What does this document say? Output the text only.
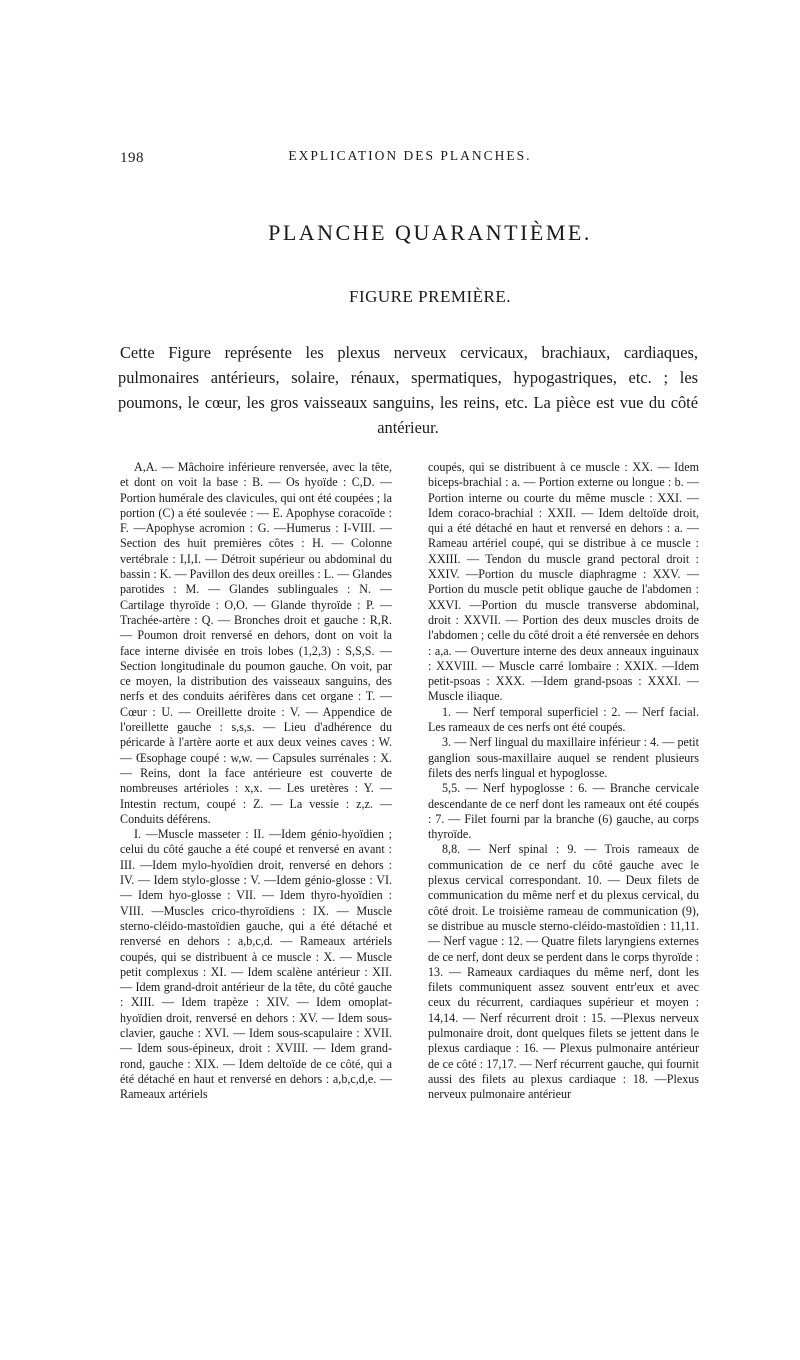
198	EXPLICATION DES PLANCHES.
PLANCHE QUARANTIÈME.
FIGURE PREMIÈRE.
Cette Figure représente les plexus nerveux cervicaux, brachiaux, cardiaques, pulmonaires antérieurs, solaire, rénaux, spermatiques, hypogastriques, etc. ; les poumons, le cœur, les gros vaisseaux sanguins, les reins, etc. La pièce est vue du côté antérieur.

A,A. — Mâchoire inférieure renversée, avec la tête, et dont on voit la base : B. — Os hyoïde : C,D. —Portion humérale des clavicules, qui ont été coupées ; la portion (C) a été soulevée : — E. Apophyse coracoïde : F. —Apophyse acromion : G. —Humerus : I-VIII. — Section des huit premières côtes : H. — Colonne vertébrale : I,I,I. — Détroit supérieur ou abdominal du bassin : K. — Pavillon des deux oreilles : L. — Glandes parotides : M. — Glandes sublinguales : N. — Cartilage thyroïde : O,O. — Glande thyroïde : P. — Trachée-artère : Q. — Bronches droit et gauche : R,R. — Poumon droit renversé en dehors, dont on voit la face interne divisée en trois lobes (1,2,3) : S,S,S. —Section longitudinale du poumon gauche. On voit, par ce moyen, la distribution des vaisseaux sanguins, des nerfs et des conduits aérifères dans cet organe : T. —Cœur : U. — Oreillette droite : V. — Appendice de l'oreillette gauche : s,s,s. — Lieu d'adhérence du péricarde à l'artère aorte et aux deux veines caves : W. — Œsophage coupé : w,w. — Capsules surrénales : X. — Reins, dont la face antérieure est couverte de nombreuses artérioles : x,x. — Les uretères : Y. — Intestin rectum, coupé : Z. — La vessie : z,z. — Conduits déférens.

I. —Muscle masseter : II. —Idem génio-hyoïdien ; celui du côté gauche a été coupé et renversé en avant : III. —Idem mylo-hyoïdien droit, renversé en dehors : IV. — Idem stylo-glosse : V. —Idem génio-glosse : VI. — Idem hyo-glosse : VII. — Idem thyro-hyoïdien : VIII. —Muscles crico-thyroïdiens : IX. — Muscle sterno-cléido-mastoïdien gauche, qui a été détaché et renversé en dehors : a,b,c,d. — Rameaux artériels coupés, qui se distribuent à ce muscle : X. — Muscle petit complexus : XI. — Idem scalène antérieur : XII. — Idem grand-droit antérieur de la tête, du côté gauche : XIII. — Idem trapèze : XIV. — Idem omoplat-hyoïdien droit, renversé en dehors : XV. — Idem sous-clavier, gauche : XVI. — Idem sous-scapulaire : XVII. — Idem sous-épineux, droit : XVIII. — Idem grand-rond, gauche : XIX. — Idem deltoïde de ce côté, qui a été détaché en haut et renversé en dehors : a,b,c,d,e. —Rameaux artériels

coupés, qui se distribuent à ce muscle : XX. — Idem biceps-brachial : a. — Portion externe ou longue : b. — Portion interne ou courte du même muscle : XXI. — Idem coraco-brachial : XXII. — Idem deltoïde droit, qui a été détaché en haut et renversé en dehors : a. — Rameau artériel coupé, qui se distribue à ce muscle : XXIII. — Tendon du muscle grand pectoral droit : XXIV. —Portion du muscle diaphragme : XXV. — Portion du muscle petit oblique gauche de l'abdomen : XXVI. —Portion du muscle transverse abdominal, droit : XXVII. — Portion des deux muscles droits de l'abdomen ; celle du côté droit a été renversée en dehors : a,a. — Ouverture interne des deux anneaux inguinaux : XXVIII. — Muscle carré lombaire : XXIX. —Idem petit-psoas : XXX. —Idem grand-psoas : XXXI. —Muscle iliaque.

1. — Nerf temporal superficiel : 2. — Nerf facial. Les rameaux de ces nerfs ont été coupés.

3. — Nerf lingual du maxillaire inférieur : 4. — petit ganglion sous-maxillaire auquel se rendent plusieurs filets des nerfs lingual et hypoglosse.

5,5. — Nerf hypoglosse : 6. — Branche cervicale descendante de ce nerf dont les rameaux ont été coupés : 7. — Filet fourni par la branche (6) gauche, au corps thyroïde.

8,8. — Nerf spinal : 9. — Trois rameaux de communication de ce nerf du côté gauche avec le plexus cervical correspondant. 10. — Deux filets de communication du même nerf et du plexus cervical, du côté droit. Le troisième rameau de communication (9), se distribue au muscle sterno-cléido-mastoïdien : 11,11. — Nerf vague : 12. — Quatre filets laryngiens externes de ce nerf, dont deux se perdent dans le corps thyroïde : 13. — Rameaux cardiaques du même nerf, dont les filets communiquent assez souvent entr'eux et avec ceux du récurrent, cardiaques supérieur et moyen : 14,14. — Nerf récurrent droit : 15. —Plexus nerveux pulmonaire droit, dont quelques filets se jettent dans le plexus cardiaque : 16. — Plexus pulmonaire antérieur de ce côté : 17,17. — Nerf récurrent gauche, qui fournit aussi des filets au plexus cardiaque : 18. —Plexus nerveux pulmonaire antérieur
